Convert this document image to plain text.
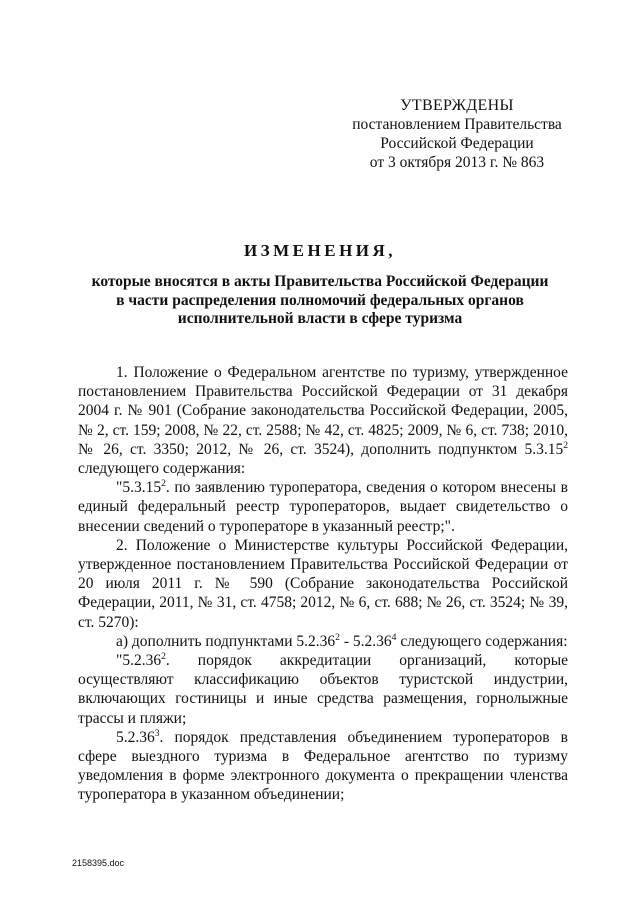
УТВЕРЖДЕНЫ
постановлением Правительства
Российской Федерации
от 3 октября 2013 г. № 863
ИЗМЕНЕНИЯ,
которые вносятся в акты Правительства Российской Федерации
в части распределения полномочий федеральных органов
исполнительной власти в сфере туризма

1. Положение о Федеральном агентстве по туризму, утвержденное постановлением Правительства Российской Федерации от 31 декабря 2004 г. № 901 (Собрание законодательства Российской Федерации, 2005, № 2, ст. 159; 2008, № 22, ст. 2588; № 42, ст. 4825; 2009, № 6, ст. 738; 2010, № 26, ст. 3350; 2012, № 26, ст. 3524), дополнить подпунктом 5.3.15$^2$ следующего содержания:

"5.3.15$^2$. по заявлению туроператора, сведения о котором внесены в единый федеральный реестр туроператоров, выдает свидетельство о внесении сведений о туроператоре в указанный реестр;".

2. Положение о Министерстве культуры Российской Федерации, утвержденное постановлением Правительства Российской Федерации от 20 июля 2011 г. № 590 (Собрание законодательства Российской Федерации, 2011, № 31, ст. 4758; 2012, № 6, ст. 688; № 26, ст. 3524; № 39, ст. 5270):

а) дополнить подпунктами 5.2.36$^2$ - 5.2.36$^4$ следующего содержания:

"5.2.36$^2$. порядок аккредитации организаций, которые осуществляют классификацию объектов туристской индустрии, включающих гостиницы и иные средства размещения, горнолыжные трассы и пляжи;

5.2.36$^3$. порядок представления объединением туроператоров в сфере выездного туризма в Федеральное агентство по туризму уведомления в форме электронного документа о прекращении членства туроператора в указанном объединении;

2158395.doc
